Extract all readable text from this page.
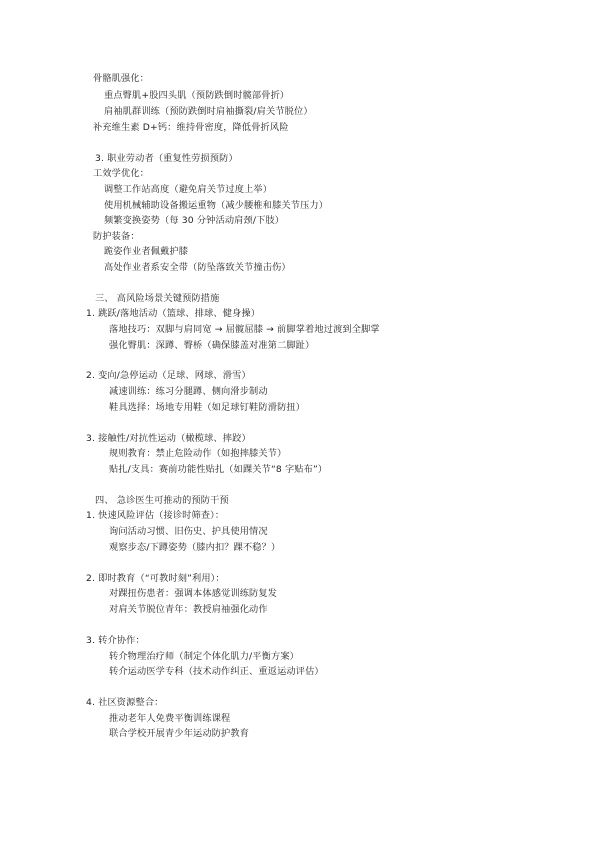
骨骼肌强化：
重点臀肌+股四头肌（预防跌倒时髋部骨折）
肩袖肌群训练（预防跌倒时肩袖撕裂/肩关节脱位）
补充维生素 D+钙：维持骨密度，降低骨折风险
3. 职业劳动者（重复性劳损预防）
工效学优化：
调整工作站高度（避免肩关节过度上举）
使用机械辅助设备搬运重物（减少腰椎和膝关节压力）
频繁变换姿势（每 30 分钟活动肩颈/下肢）
防护装备：
跪姿作业者佩戴护膝
高处作业者系安全带（防坠落致关节撞击伤）
三、 高风险场景关键预防措施
1. 跳跃/落地活动（篮球、排球、健身操）
落地技巧：双脚与肩同宽 → 屈髋屈膝 → 前脚掌着地过渡到全脚掌
强化臀肌：深蹲、臀桥（确保膝盖对准第二脚趾）
2. 变向/急停运动（足球、网球、滑雪）
减速训练：练习分腿蹲、侧向滑步制动
鞋具选择：场地专用鞋（如足球钉鞋防滑防扭）
3. 接触性/对抗性运动（橄榄球、摔跤）
规则教育：禁止危险动作（如抱摔膝关节）
贴扎/支具：赛前功能性贴扎（如踝关节“8 字贴布”）
四、 急诊医生可推动的预防干预
1. 快速风险评估（接诊时筛查）：
询问活动习惯、旧伤史、护具使用情况
观察步态/下蹲姿势（膝内扣？踝不稳？）
2. 即时教育（“可教时刻”利用）：
对踝扭伤患者：强调本体感觉训练防复发
对肩关节脱位青年：教授肩袖强化动作
3. 转介协作：
转介物理治疗师（制定个体化肌力/平衡方案）
转介运动医学专科（技术动作纠正、重返运动评估）
4. 社区资源整合：
推动老年人免费平衡训练课程
联合学校开展青少年运动防护教育
